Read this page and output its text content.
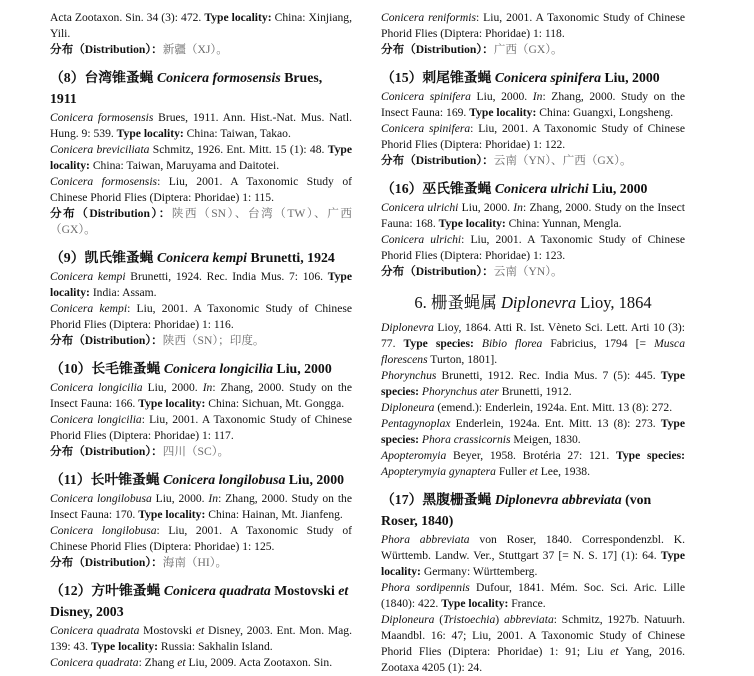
Acta Zootaxon. Sin. 34 (3): 472. Type locality: China: Xinjiang, Yili.

分布（Distribution）：新疆（XJ）。

（8）台湾锥蚤蝇 Conicera formosensis Brues, 1911

Conicera formosensis Brues, 1911. Ann. Hist.-Nat. Mus. Natl. Hung. 9: 539. Type locality: China: Taiwan, Takao.

Conicera breviciliata Schmitz, 1926. Ent. Mitt. 15 (1): 48. Type locality: China: Taiwan, Maruyama and Daitotei.

Conicera formosensis: Liu, 2001. A Taxonomic Study of Chinese Phorid Flies (Diptera: Phoridae) 1: 115.

分布（Distribution）：陕西（SN）、台湾（TW）、广西（GX）。

（9）凯氏锥蚤蝇 Conicera kempi Brunetti, 1924

Conicera kempi Brunetti, 1924. Rec. India Mus. 7: 106. Type locality: India: Assam.

Conicera kempi: Liu, 2001. A Taxonomic Study of Chinese Phorid Flies (Diptera: Phoridae) 1: 116.

分布（Distribution）：陕西（SN）；印度。

（10）长毛锥蚤蝇 Conicera longicilia Liu, 2000

Conicera longicilia Liu, 2000. In: Zhang, 2000. Study on the Insect Fauna: 166. Type locality: China: Sichuan, Mt. Gongga.

Conicera longicilia: Liu, 2001. A Taxonomic Study of Chinese Phorid Flies (Diptera: Phoridae) 1: 117.

分布（Distribution）：四川（SC）。

（11）长叶锥蚤蝇 Conicera longilobusa Liu, 2000

Conicera longilobusa Liu, 2000. In: Zhang, 2000. Study on the Insect Fauna: 170. Type locality: China: Hainan, Mt. Jianfeng.

Conicera longilobusa: Liu, 2001. A Taxonomic Study of Chinese Phorid Flies (Diptera: Phoridae) 1: 125.

分布（Distribution）：海南（HI）。

（12）方叶锥蚤蝇 Conicera quadrata Mostovski et Disney, 2003

Conicera quadrata Mostovski et Disney, 2003. Ent. Mon. Mag. 139: 43. Type locality: Russia: Sakhalin Island.

Conicera quadrata: Zhang et Liu, 2009. Acta Zootaxon. Sin.

Conicera reniformis: Liu, 2001. A Taxonomic Study of Chinese Phorid Flies (Diptera: Phoridae) 1: 118.

分布（Distribution）：广西（GX）。

（15）刺尾锥蚤蝇 Conicera spinifera Liu, 2000

Conicera spinifera Liu, 2000. In: Zhang, 2000. Study on the Insect Fauna: 169. Type locality: China: Guangxi, Longsheng.

Conicera spinifera: Liu, 2001. A Taxonomic Study of Chinese Phorid Flies (Diptera: Phoridae) 1: 122.

分布（Distribution）：云南（YN）、广西（GX）。

（16）巫氏锥蚤蝇 Conicera ulrichi Liu, 2000

Conicera ulrichi Liu, 2000. In: Zhang, 2000. Study on the Insect Fauna: 168. Type locality: China: Yunnan, Mengla.

Conicera ulrichi: Liu, 2001. A Taxonomic Study of Chinese Phorid Flies (Diptera: Phoridae) 1: 123.

分布（Distribution）：云南（YN）。

6. 栅蚤蝇属 Diplonevra Lioy, 1864

Diplonevra Lioy, 1864. Atti R. Ist. Vèneto Sci. Lett. Arti 10 (3): 77. Type species: Bibio florea Fabricius, 1794 [= Musca florescens Turton, 1801].

Phorynchus Brunetti, 1912. Rec. India Mus. 7 (5): 445. Type species: Phorynchus ater Brunetti, 1912.

Diploneura (emend.): Enderlein, 1924a. Ent. Mitt. 13 (8): 272.

Pentagynoplax Enderlein, 1924a. Ent. Mitt. 13 (8): 273. Type species: Phora crassicornis Meigen, 1830.

Apopteromyia Beyer, 1958. Brotéria 27: 121. Type species: Apopterymyia gynaptera Fuller et Lee, 1938.

（17）黑腹栅蚤蝇 Diplonevra abbreviata (von Roser, 1840)

Phora abbreviata von Roser, 1840. Correspondenzbl. K. Württemb. Landw. Ver., Stuttgart 37 [= N. S. 17] (1): 64. Type locality: Germany: Württemberg.

Phora sordipennis Dufour, 1841. Mém. Soc. Sci. Aric. Lille (1840): 422. Type locality: France.

Diploneura (Tristoechia) abbreviata: Schmitz, 1927b. Natuurh. Maandbl. 16: 47; Liu, 2001. A Taxonomic Study of Chinese Phorid Flies (Diptera: Phoridae) 1: 91; Liu et Yang, 2016. Zootaxa 4205 (1): 24.
